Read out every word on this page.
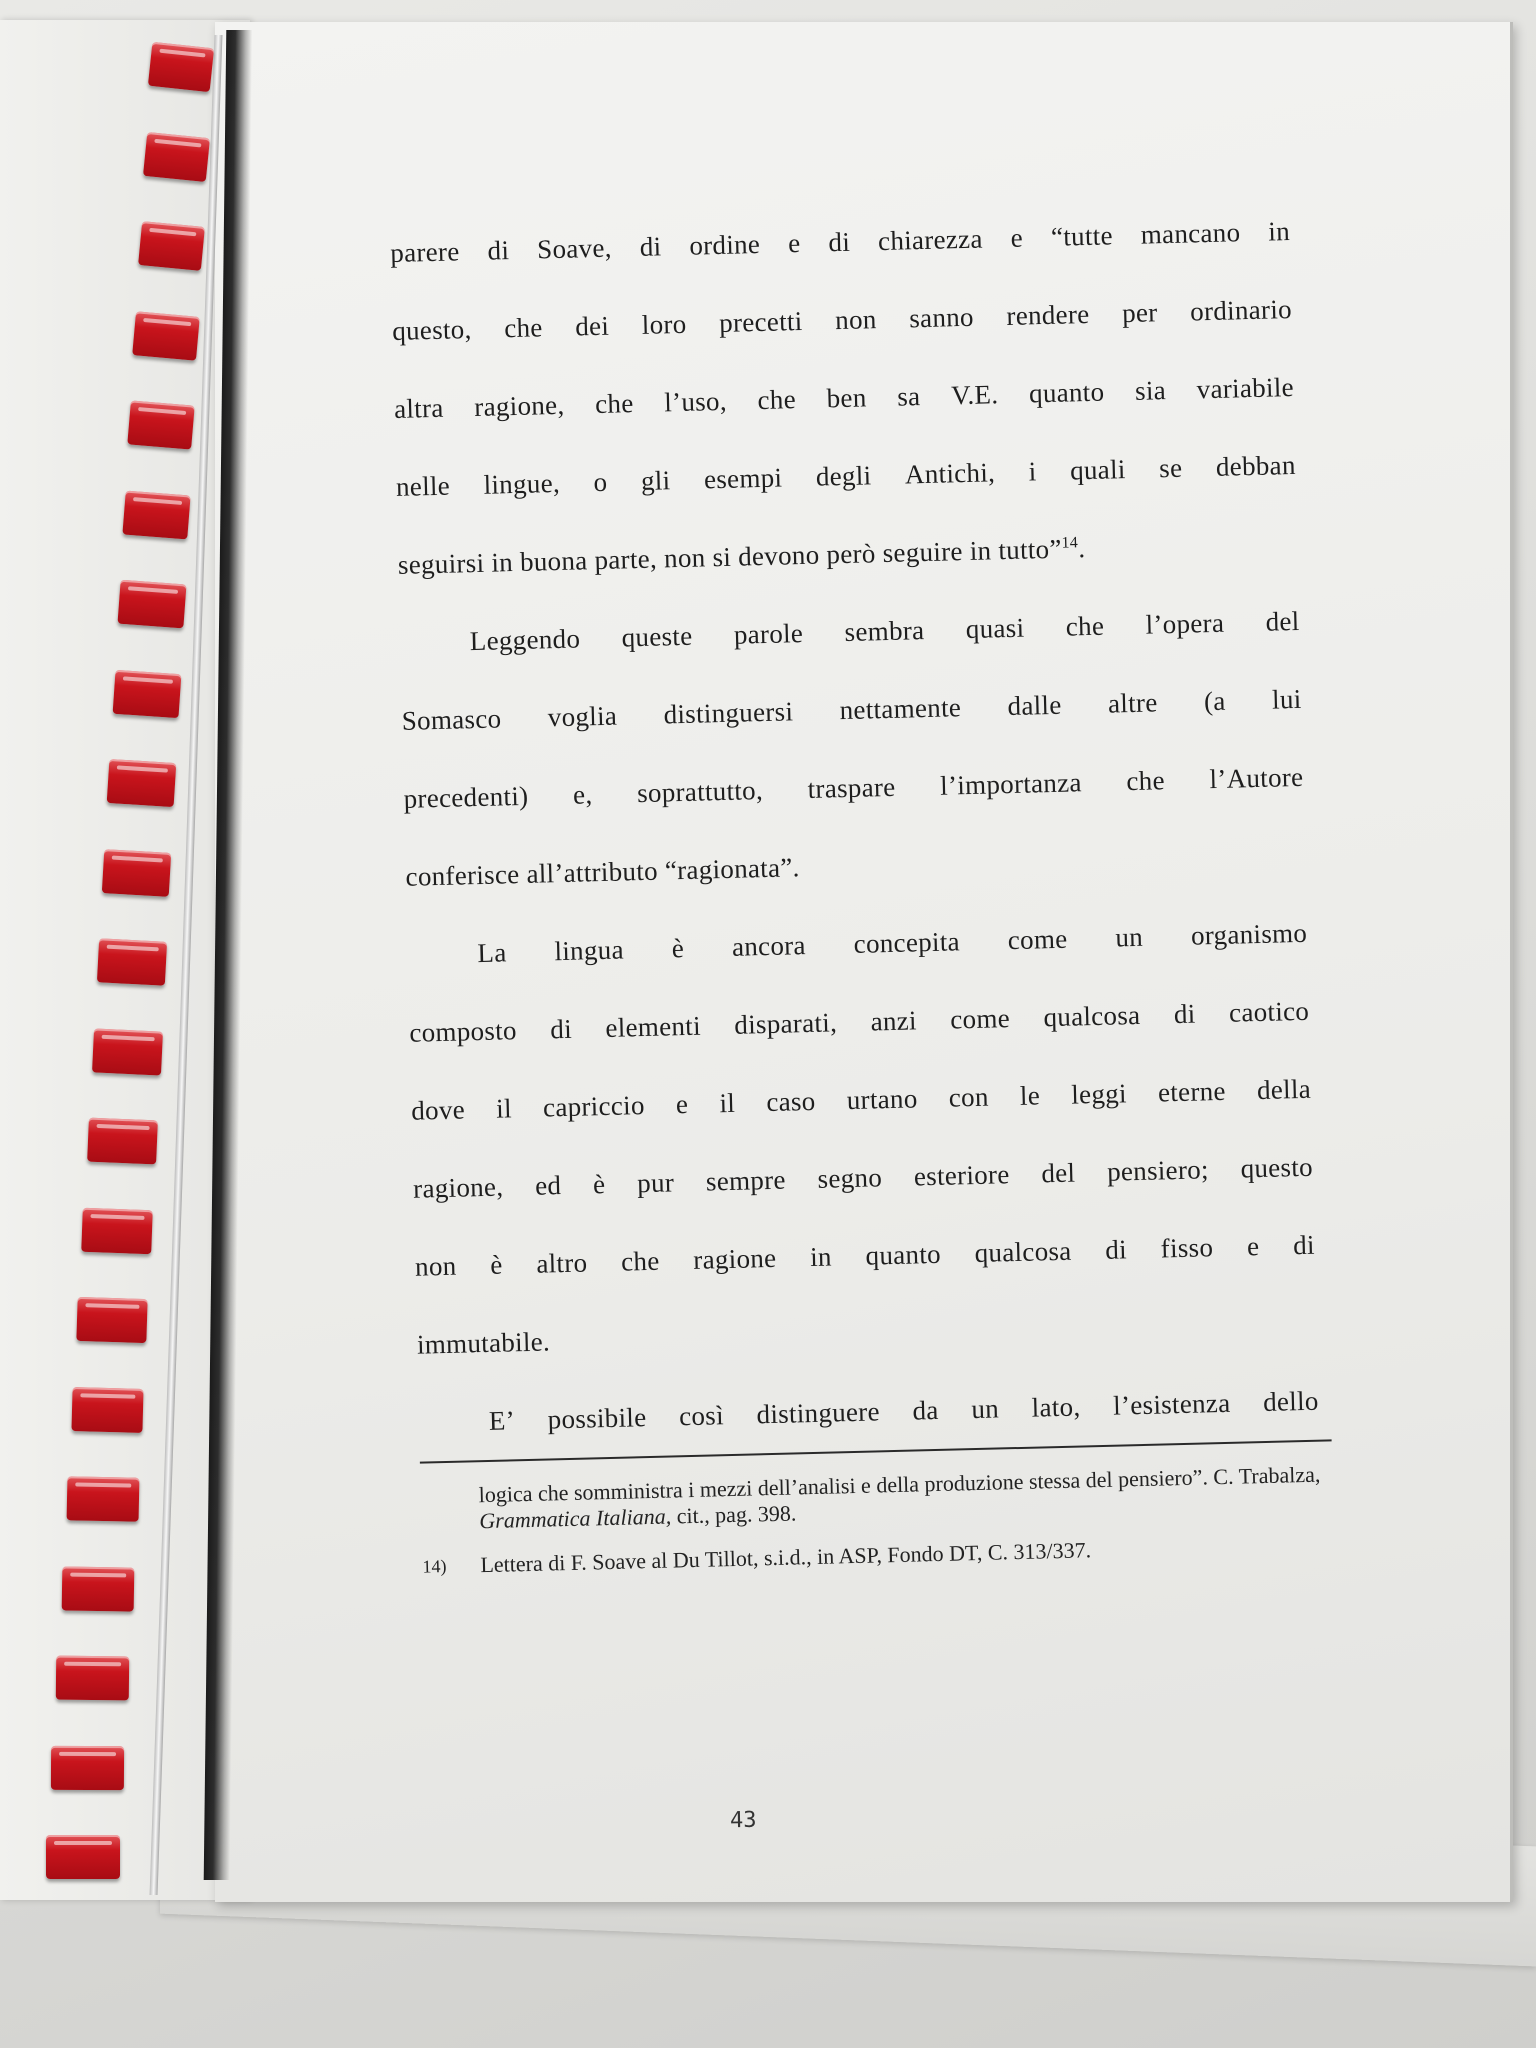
parere di Soave, di ordine e di chiarezza e “tutte mancano in
questo, che dei loro precetti non sanno rendere per ordinario
altra ragione, che l’uso, che ben sa V.E. quanto sia variabile
nelle lingue, o gli esempi degli Antichi, i quali se debban
seguirsi in buona parte, non si devono però seguire in tutto” 14 .
Leggendo queste parole sembra quasi che l’opera del
Somasco voglia distinguersi nettamente dalle altre (a lui
precedenti) e, soprattutto, traspare l’importanza che l’Autore
conferisce all’attributo “ragionata”.
La lingua è ancora concepita come un organismo
composto di elementi disparati, anzi come qualcosa di caotico
dove il capriccio e il caso urtano con le leggi eterne della
ragione, ed è pur sempre segno esteriore del pensiero; questo
non è altro che ragione in quanto qualcosa di fisso e di
immutabile.
E’ possibile così distinguere da un lato, l’esistenza dello
logica che somministra i mezzi dell’analisi e della produzione stessa del pensiero”. C. Trabalza, Grammatica Italiana, cit., pag. 398.
14)	Lettera di F. Soave al Du Tillot, s.i.d., in ASP, Fondo DT, C. 313/337.
43
